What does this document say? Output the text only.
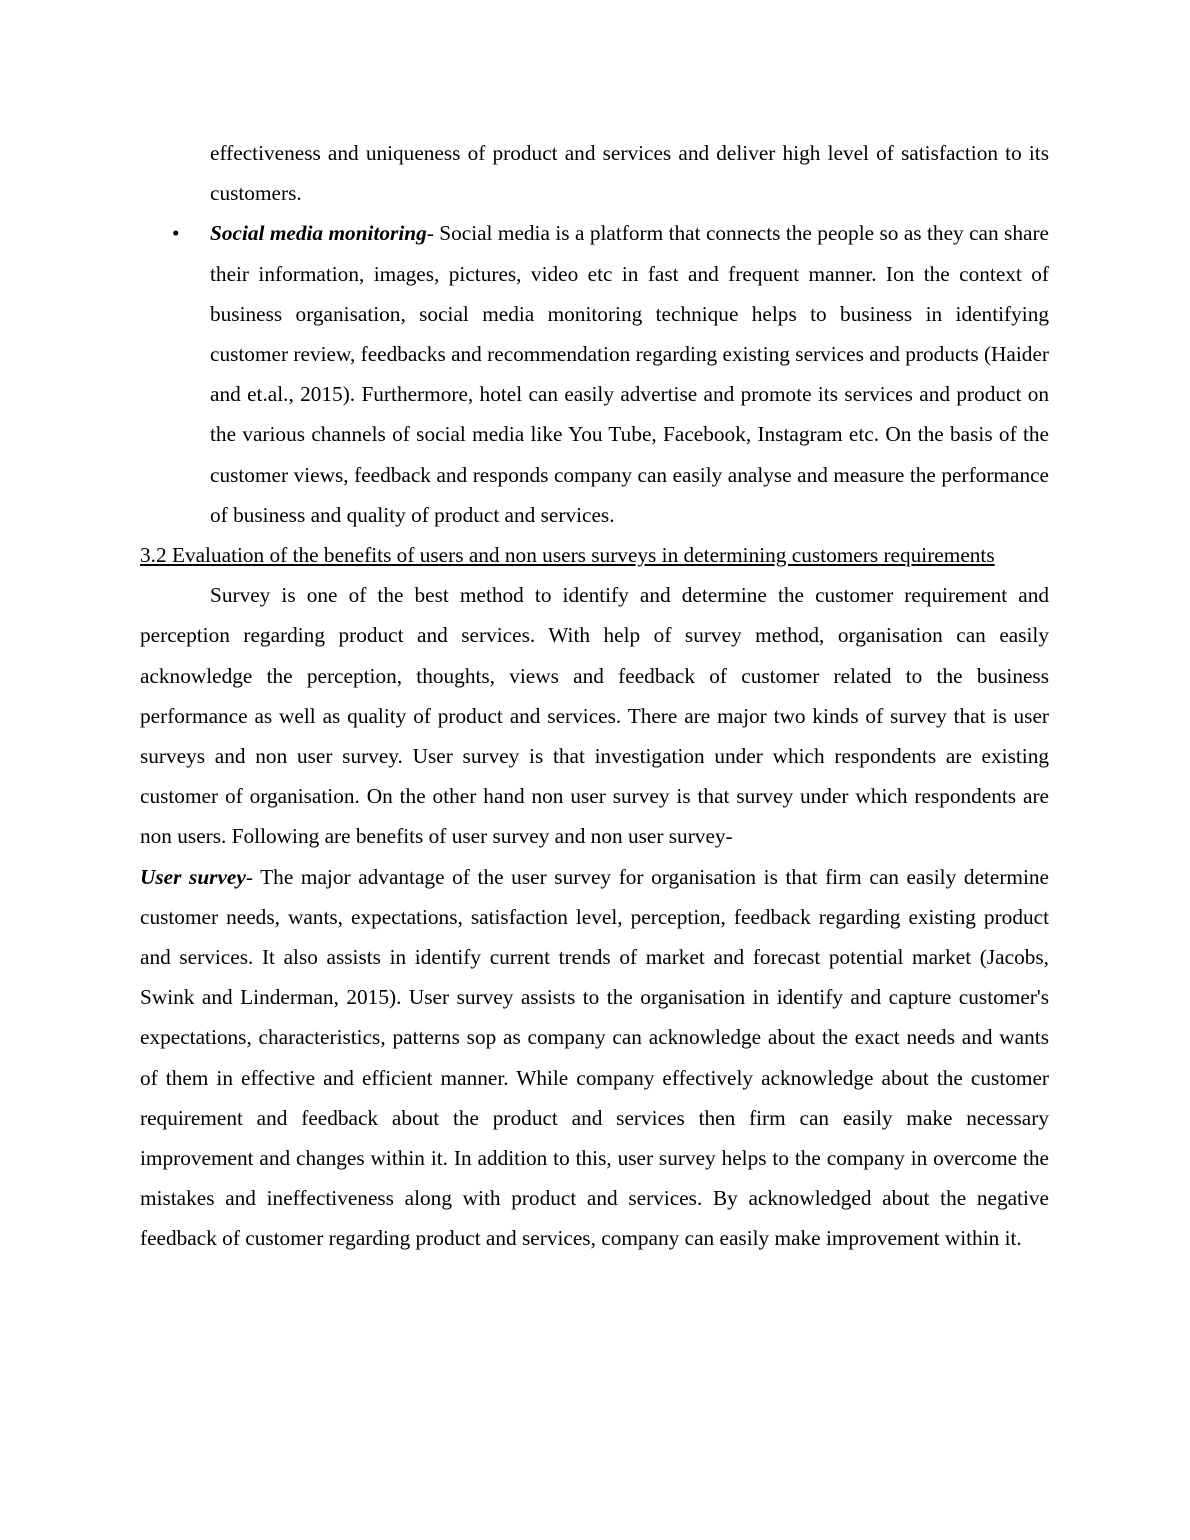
effectiveness and uniqueness of product and services and deliver high level of satisfaction to its customers.

•	Social media monitoring- Social media is a platform that connects the people so as they can share their information, images, pictures, video etc in fast and frequent manner. Ion the context of business organisation, social media monitoring technique helps to business in identifying customer review, feedbacks and recommendation regarding existing services and products (Haider and et.al., 2015). Furthermore, hotel can easily advertise and promote its services and product on the various channels of social media like You Tube, Facebook, Instagram etc. On the basis of the customer views, feedback and responds company can easily analyse and measure the performance of business and quality of product and services.

3.2 Evaluation of the benefits of users and non users surveys in determining customers requirements

Survey is one of the best method to identify and determine the customer requirement and perception regarding product and services. With help of survey method, organisation can easily acknowledge the perception, thoughts, views and feedback of customer related to the business performance as well as quality of product and services. There are major two kinds of survey that is user surveys and non user survey. User survey is that investigation under which respondents are existing customer of organisation. On the other hand non user survey is that survey under which respondents are non users. Following are benefits of user survey and non user survey-

User survey- The major advantage of the user survey for organisation is that firm can easily determine customer needs, wants, expectations, satisfaction level, perception, feedback regarding existing product and services. It also assists in identify current trends of market and forecast potential market (Jacobs, Swink and Linderman, 2015). User survey assists to the organisation in identify and capture customer's expectations, characteristics, patterns sop as company can acknowledge about the exact needs and wants of them in effective and efficient manner. While company effectively acknowledge about the customer requirement and feedback about the product and services then firm can easily make necessary improvement and changes within it. In addition to this, user survey helps to the company in overcome the mistakes and ineffectiveness along with product and services. By acknowledged about the negative feedback of customer regarding product and services, company can easily make improvement within it.
